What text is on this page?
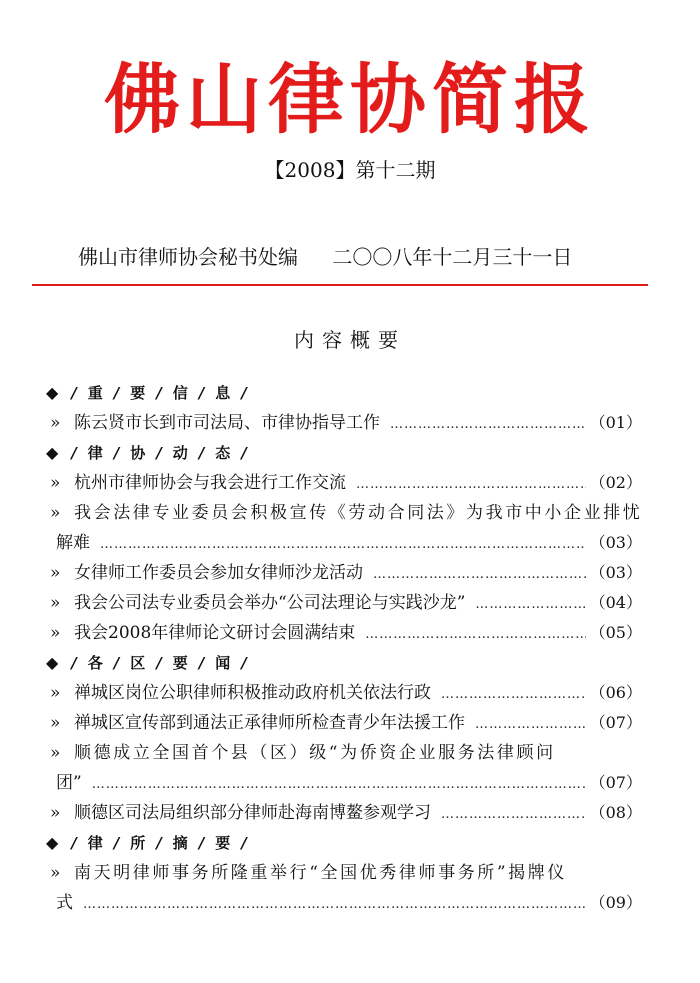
佛山律协简报
【2008】第十二期
佛山市律师协会秘书处编 二〇〇八年十二月三十一日
内容概要
◆ / 重 / 要 / 信 / 息 /
» 陈云贤市长到市司法局、市律协指导工作 ……………………………………………………………………………………………………………………………………	（01）
◆ / 律 / 协 / 动 / 态 /
» 杭州市律师协会与我会进行工作交流 ……………………………………………………………………………………………………………………………………	（02）
» 我会法律专业委员会积极宣传《劳动合同法》为我市中小企业排忧
解难 ……………………………………………………………………………………………………………………………………	（03）
» 女律师工作委员会参加女律师沙龙活动 ……………………………………………………………………………………………………………………………………	（03）
» 我会公司法专业委员会举办“公司法理论与实践沙龙” ……………………………………………………………………………………………………………………………………	（04）
» 我会2008年律师论文研讨会圆满结束 ……………………………………………………………………………………………………………………………………	（05）
◆ / 各 / 区 / 要 / 闻 /
» 禅城区岗位公职律师积极推动政府机关依法行政 ……………………………………………………………………………………………………………………………………	（06）
» 禅城区宣传部到通法正承律师所检查青少年法援工作 ……………………………………………………………………………………………………………………………………	（07）
» 顺德成立全国首个县（区）级“为侨资企业服务法律顾问
团” ……………………………………………………………………………………………………………………………………	（07）
» 顺德区司法局组织部分律师赴海南博鳌参观学习 ……………………………………………………………………………………………………………………………………	（08）
◆ / 律 / 所 / 摘 / 要 /
» 南天明律师事务所隆重举行“全国优秀律师事务所”揭牌仪
式 ……………………………………………………………………………………………………………………………………	（09）
